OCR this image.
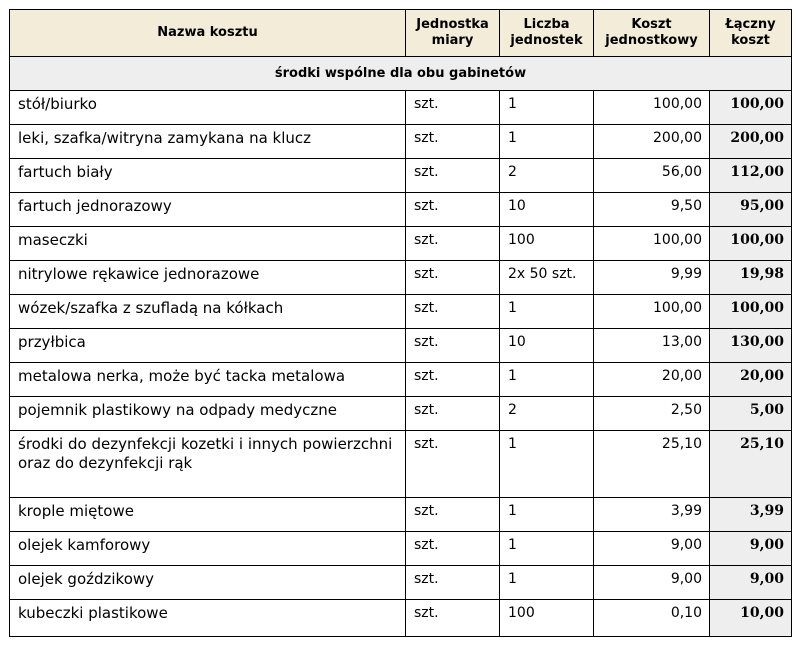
Nazwa kosztu	Jednostka miary	Liczba jednostek	Koszt jednostkowy	Łączny koszt
środki wspólne dla obu gabinetów				
stół/biurko	szt.	1	100,00	100,00
leki, szafka/witryna zamykana na klucz	szt.	1	200,00	200,00
fartuch biały	szt.	2	56,00	112,00
fartuch jednorazowy	szt.	10	9,50	95,00
maseczki	szt.	100	100,00	100,00
nitrylowe rękawice jednorazowe	szt.	2x 50 szt.	9,99	19,98
wózek/szafka z szufladą na kółkach	szt.	1	100,00	100,00
przyłbica	szt.	10	13,00	130,00
metalowa nerka, może być tacka metalowa	szt.	1	20,00	20,00
pojemnik plastikowy na odpady medyczne	szt.	2	2,50	5,00
środki do dezynfekcji kozetki i innych powierzchni oraz do dezynfekcji rąk	szt.	1	25,10	25,10
krople miętowe	szt.	1	3,99	3,99
olejek kamforowy	szt.	1	9,00	9,00
olejek goździkowy	szt.	1	9,00	9,00
kubeczki plastikowe	szt.	100	0,10	10,00
